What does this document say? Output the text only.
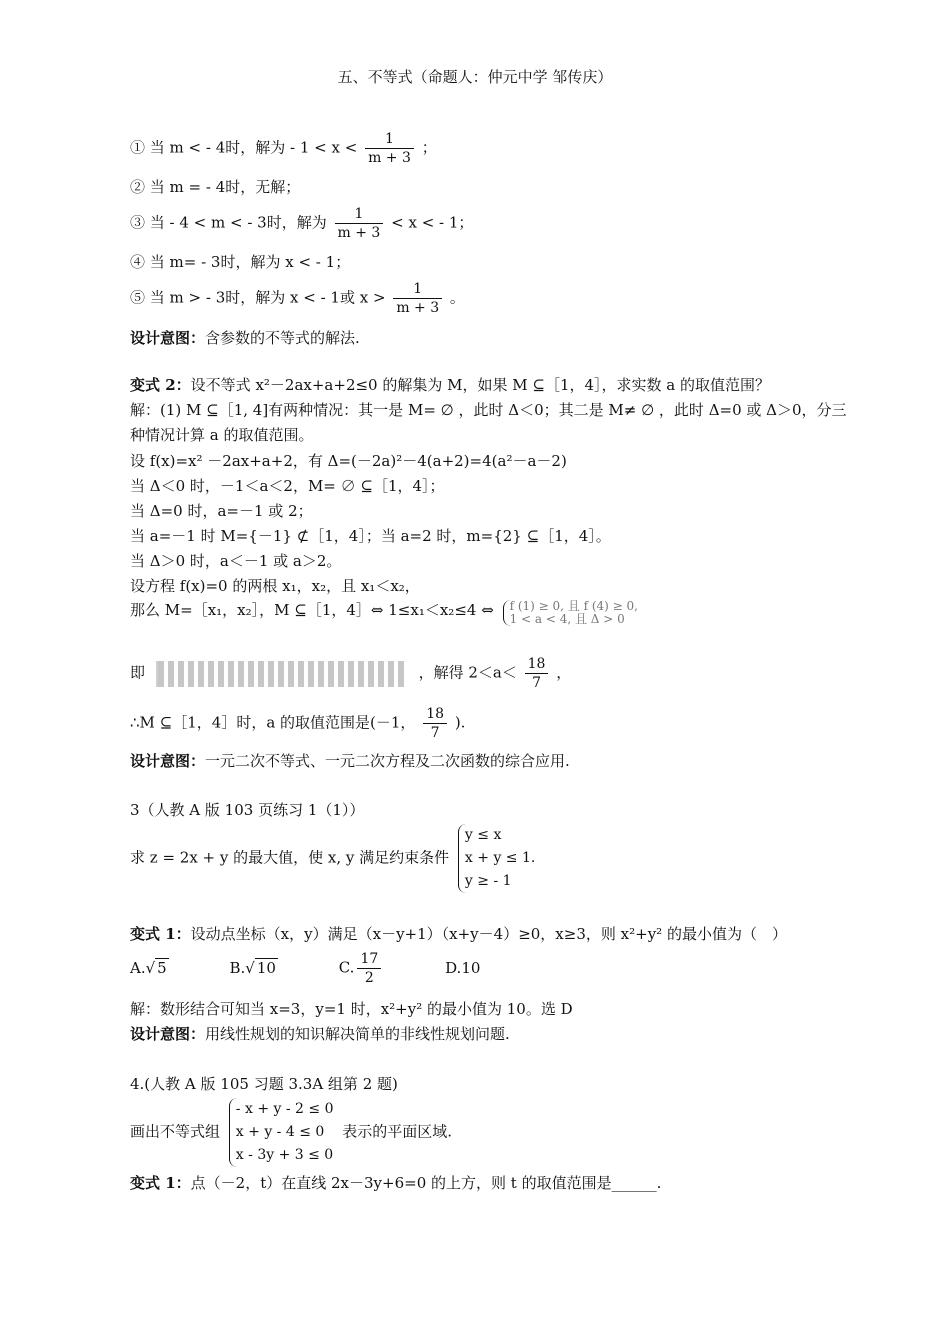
五、不等式（命题人：仲元中学 邹传庆）
① 当 m < - 4时，解为 - $1 < x < \frac{1}{m + 3}$ ；
② 当 m = - 4时，无解；
③ 当 - 4 < m < - 3时，解为 $\frac{1}{m + 3} < x$ < - 1；
④ 当 m= - 3时，解为 x < - 1；
⑤ 当 m > - 3时，解为 x < - 1或 $x > \frac{1}{m + 3}$ 。
设计意图：含参数的不等式的解法.
变式 2：设不等式 x²－2ax+a+2≤0 的解集为 M，如果 M ⊆［1，4］，求实数 a 的取值范围？
解：(1) M ⊆［1, 4]有两种情况：其一是 M= ∅ ，此时 Δ＜0；其二是 M≠ ∅ ，此时 Δ=0 或 Δ＞0，分三
种情况计算 a 的取值范围。
设 f(x)=x² －2ax+a+2，有 Δ=(－2a)²－4(a+2)=4(a²－a－2)
当 Δ＜0 时，－1＜a＜2，M= ∅ ⊆［1，4］；
当 Δ=0 时，a=－1 或 2；
当 a=－1 时 M={－1} ⊄［1，4］；当 a=2 时，m={2} ⊆［1，4］。
当 Δ＞0 时，a＜－1 或 a＞2。
设方程 f(x)=0 的两根 x₁，x₂，且 x₁＜x₂，
那么 M=［x₁，x₂］，M ⊆［1，4］⇔ 1≤x₁＜x₂≤4 ⇔ f (1) ≥ 0, 且 f (4) ≥ 0,
1 < a < 4, 且 Δ > 0
即	，解得 $2<a< \frac{18}{7}$ ，
∴M ⊆［1，4］时，a 的取值范围是(－1， $\frac{18}{7}$ ).
设计意图：一元二次不等式、一元二次方程及二次函数的综合应用.
3（人教 A 版 103 页练习 1（1））
求 z = 2x + y 的最大值，使 x, y 满足约束条件
y ≤ x
x + y ≤ 1.
y ≥ - 1
变式 1：设动点坐标（x，y）满足（x－y+1）（x+y－4）≥0，x≥3，则 x²+y² 的最小值为（　）
A.√ 5	B.√ 10	C. $\frac{17}{2}$	D.10
解：数形结合可知当 x=3，y=1 时，x²+y² 的最小值为 10。选 D
设计意图：用线性规划的知识解决简单的非线性规划问题.
4.(人教 A 版 105 习题 3.3A 组第 2 题)
画出不等式组
- x + y - 2 ≤ 0
x + y - 4 ≤ 0
x - 3y + 3 ≤ 0
表示的平面区域.
变式 1：点（－2，t）在直线 2x－3y+6=0 的上方，则 t 的取值范围是______.
